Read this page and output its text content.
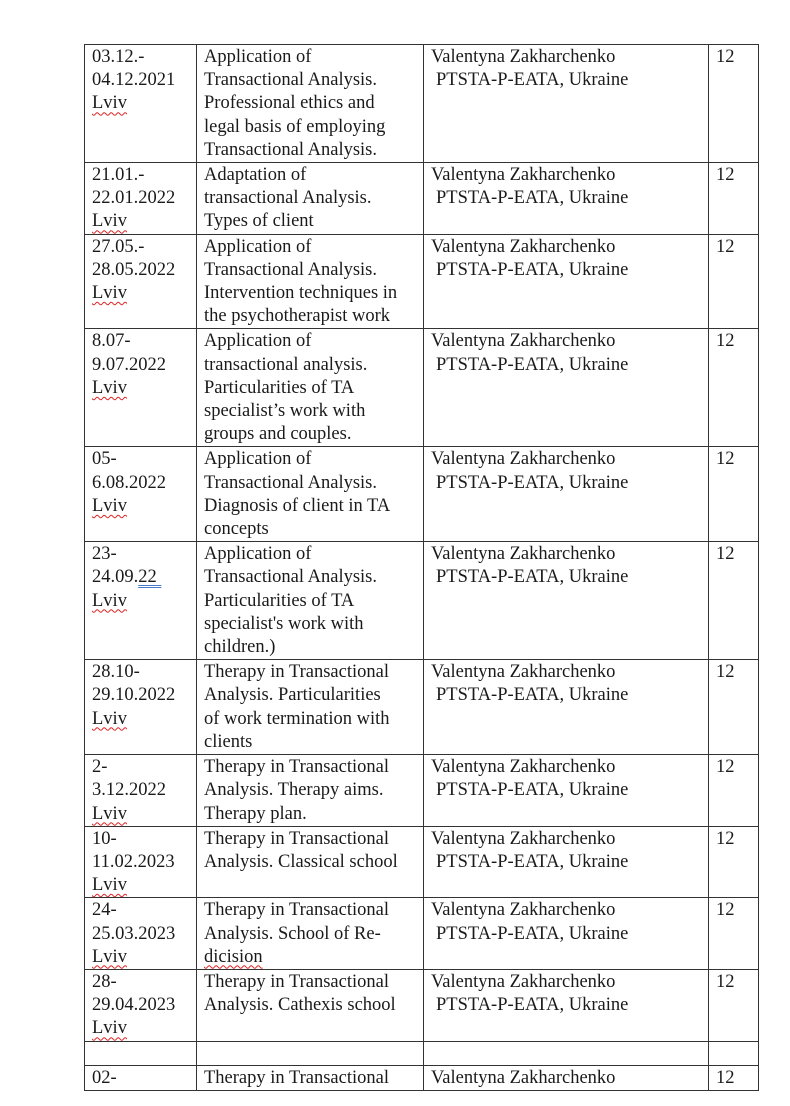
03.12.-
04.12.2021
Lviv	Application of
Transactional Analysis.
Professional ethics and
legal basis of employing
Transactional Analysis.	Valentyna Zakharchenko
PTSTA-P-EATA, Ukraine	12

21.01.-
22.01.2022
Lviv	Adaptation of
transactional Analysis.
Types of client	Valentyna Zakharchenko
PTSTA-P-EATA, Ukraine	12

27.05.-
28.05.2022
Lviv	Application of
Transactional Analysis.
Intervention techniques in
the psychotherapist work	Valentyna Zakharchenko
PTSTA-P-EATA, Ukraine	12

8.07-
9.07.2022
Lviv	Application of
transactional analysis.
Particularities of TA
specialist’s work with
groups and couples.	Valentyna Zakharchenko
PTSTA-P-EATA, Ukraine	12

05-
6.08.2022
Lviv	Application of
Transactional Analysis.
Diagnosis of client in TA
concepts	Valentyna Zakharchenko
PTSTA-P-EATA, Ukraine	12

23-
24.09.22
Lviv	Application of
Transactional Analysis.
Particularities of TA
specialist's work with
children.)	Valentyna Zakharchenko
PTSTA-P-EATA, Ukraine	12

28.10-
29.10.2022
Lviv	Therapy in Transactional
Analysis. Particularities
of work termination with
clients	Valentyna Zakharchenko
PTSTA-P-EATA, Ukraine	12

2-
3.12.2022
Lviv	Therapy in Transactional
Analysis. Therapy aims.
Therapy plan.	Valentyna Zakharchenko
PTSTA-P-EATA, Ukraine	12

10-
11.02.2023
Lviv	Therapy in Transactional
Analysis. Classical school	Valentyna Zakharchenko
PTSTA-P-EATA, Ukraine	12

24-
25.03.2023
Lviv	Therapy in Transactional
Analysis. School of Re-
dicision	Valentyna Zakharchenko
PTSTA-P-EATA, Ukraine	12

28-
29.04.2023
Lviv	Therapy in Transactional
Analysis. Cathexis school	Valentyna Zakharchenko
PTSTA-P-EATA, Ukraine	12

02-	Therapy in Transactional	Valentyna Zakharchenko	12
